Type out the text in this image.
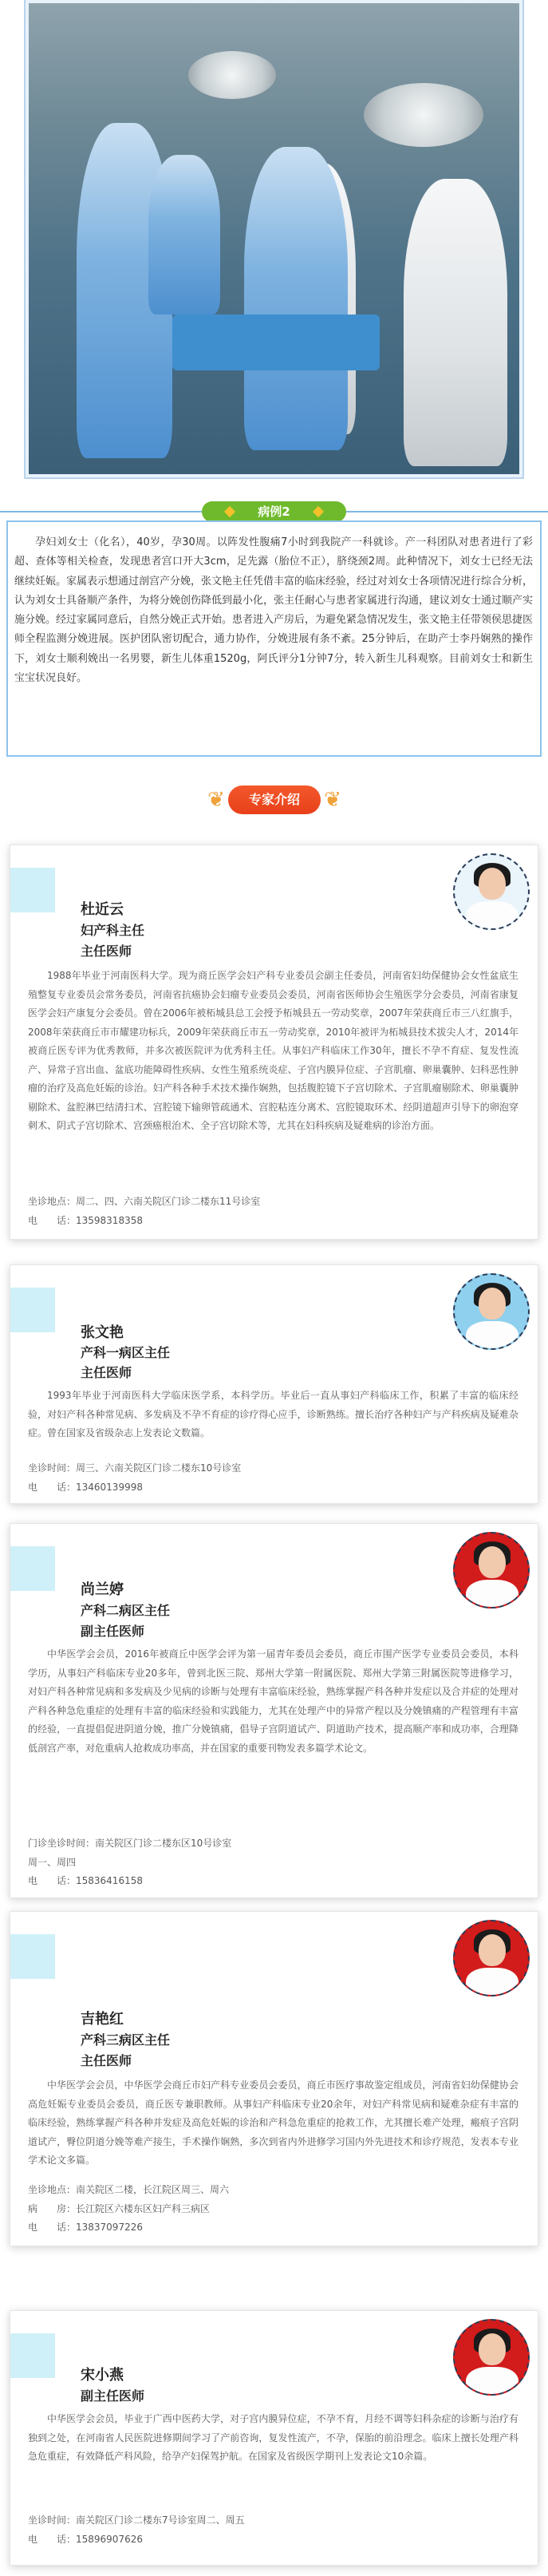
病例2
孕妇刘女士（化名），40岁，孕30周。以阵发性腹痛7小时到我院产一科就诊。产一科团队对患者进行了彩超、查体等相关检查，发现患者宫口开大3cm，足先露（胎位不正），脐绕颈2周。此种情况下，刘女士已经无法继续妊娠。家属表示想通过剖宫产分娩，张文艳主任凭借丰富的临床经验，经过对刘女士各项情况进行综合分析，认为刘女士具备顺产条件，为将分娩创伤降低到最小化，张主任耐心与患者家属进行沟通，建议刘女士通过顺产实施分娩。经过家属同意后，自然分娩正式开始。患者进入产房后，为避免紧急情况发生，张文艳主任带领侯思捷医师全程监测分娩进展。医护团队密切配合，通力协作，分娩进展有条不紊。25分钟后，在助产士李丹娴熟的操作下，刘女士顺利娩出一名男婴，新生儿体重1520g，阿氏评分1分钟7分，转入新生儿科观察。目前刘女士和新生宝宝状况良好。
❦	专家介绍	❦
杜近云
妇产科主任
主任医师
1988年毕业于河南医科大学。现为商丘医学会妇产科专业委员会副主任委员，河南省妇幼保健协会女性盆底生殖整复专业委员会常务委员，河南省抗癌协会妇瘤专业委员会委员，河南省医师协会生殖医学分会委员，河南省康复医学会妇产康复分会委员。曾在2006年被柘城县总工会授予柘城县五一劳动奖章，2007年荣获商丘市三八红旗手，2008年荣获商丘市市耀建功标兵，2009年荣获商丘市五一劳动奖章，2010年被评为柘城县技术拔尖人才，2014年被商丘医专评为优秀教师，并多次被医院评为优秀科主任。从事妇产科临床工作30年，擅长不孕不育症、复发性流产、异常子宫出血、盆底功能障碍性疾病、女性生殖系统炎症、子宫内膜异位症、子宫肌瘤、卵巢囊肿、妇科恶性肿瘤的治疗及高危妊娠的诊治。妇产科各种手术技术操作娴熟，包括腹腔镜下子宫切除术、子宫肌瘤剔除术、卵巢囊肿剔除术、盆腔淋巴结清扫术、宫腔镜下输卵管疏通术、宫腔粘连分离术、宫腔镜取环术、经阴道超声引导下的卵泡穿刺术、阴式子宫切除术、宫颈癌根治术、全子宫切除术等，尤其在妇科疾病及疑难病的诊治方面。
坐诊地点：周二、四、六南关院区门诊二楼东11号诊室
电　　话：13598318358
张文艳
产科一病区主任
主任医师
1993年毕业于河南医科大学临床医学系，本科学历。毕业后一直从事妇产科临床工作，积累了丰富的临床经验，对妇产科各种常见病、多发病及不孕不育症的诊疗得心应手，诊断熟练。擅长治疗各种妇产与产科疾病及疑难杂症。曾在国家及省级杂志上发表论文数篇。
坐诊时间：周三、六南关院区门诊二楼东10号诊室
电　　话：13460139998
尚兰婷
产科二病区主任
副主任医师
中华医学会会员，2016年被商丘中医学会评为第一届青年委员会委员，商丘市围产医学专业委员会委员，本科学历，从事妇产科临床专业20多年，曾到北医三院、郑州大学第一附属医院、郑州大学第三附属医院等进修学习，对妇产科各种常见病和多发病及少见病的诊断与处理有丰富临床经验，熟练掌握产科各种并发症以及合并症的处理对产科各种急危重症的处理有丰富的临床经验和实践能力，尤其在处理产中的异常产程以及分娩镇痛的产程管理有丰富的经验，一直提倡促进阴道分娩，推广分娩镇痛，倡导子宫阴道试产、阴道助产技术，提高顺产率和成功率，合理降低剖宫产率，对危重病人抢救成功率高，并在国家的重要刊物发表多篇学术论文。
门诊坐诊时间：南关院区门诊二楼东区10号诊室
周一、周四
电　　话：15836416158
吉艳红
产科三病区主任
主任医师
中华医学会会员，中华医学会商丘市妇产科专业委员会委员，商丘市医疗事故鉴定组成员，河南省妇幼保健协会高危妊娠专业委员会委员，商丘医专兼职教师。从事妇产科临床专业20余年，对妇产科常见病和疑难杂症有丰富的临床经验，熟练掌握产科各种并发症及高危妊娠的诊治和产科急危重症的抢救工作，尤其擅长难产处理，瘢痕子宫阴道试产，臀位阴道分娩等难产接生，手术操作娴熟，多次到省内外进修学习国内外先进技术和诊疗规范，发表本专业学术论文多篇。
坐诊地点：南关院区二楼，长江院区周三、周六
病　　房：长江院区六楼东区妇产科三病区
电　　话：13837097226
宋小燕
副主任医师
中华医学会会员，毕业于广西中医药大学，对子宫内膜异位症，不孕不育，月经不调等妇科杂症的诊断与治疗有独到之处，在河南省人民医院进修期间学习了产前咨询，复发性流产，不孕，保胎的前沿理念。临床上擅长处理产科急危重症，有效降低产科风险，给孕产妇保驾护航。在国家及省级医学期刊上发表论文10余篇。
坐诊时间：南关院区门诊二楼东7号诊室周二、周五
电　　话：15896907626
